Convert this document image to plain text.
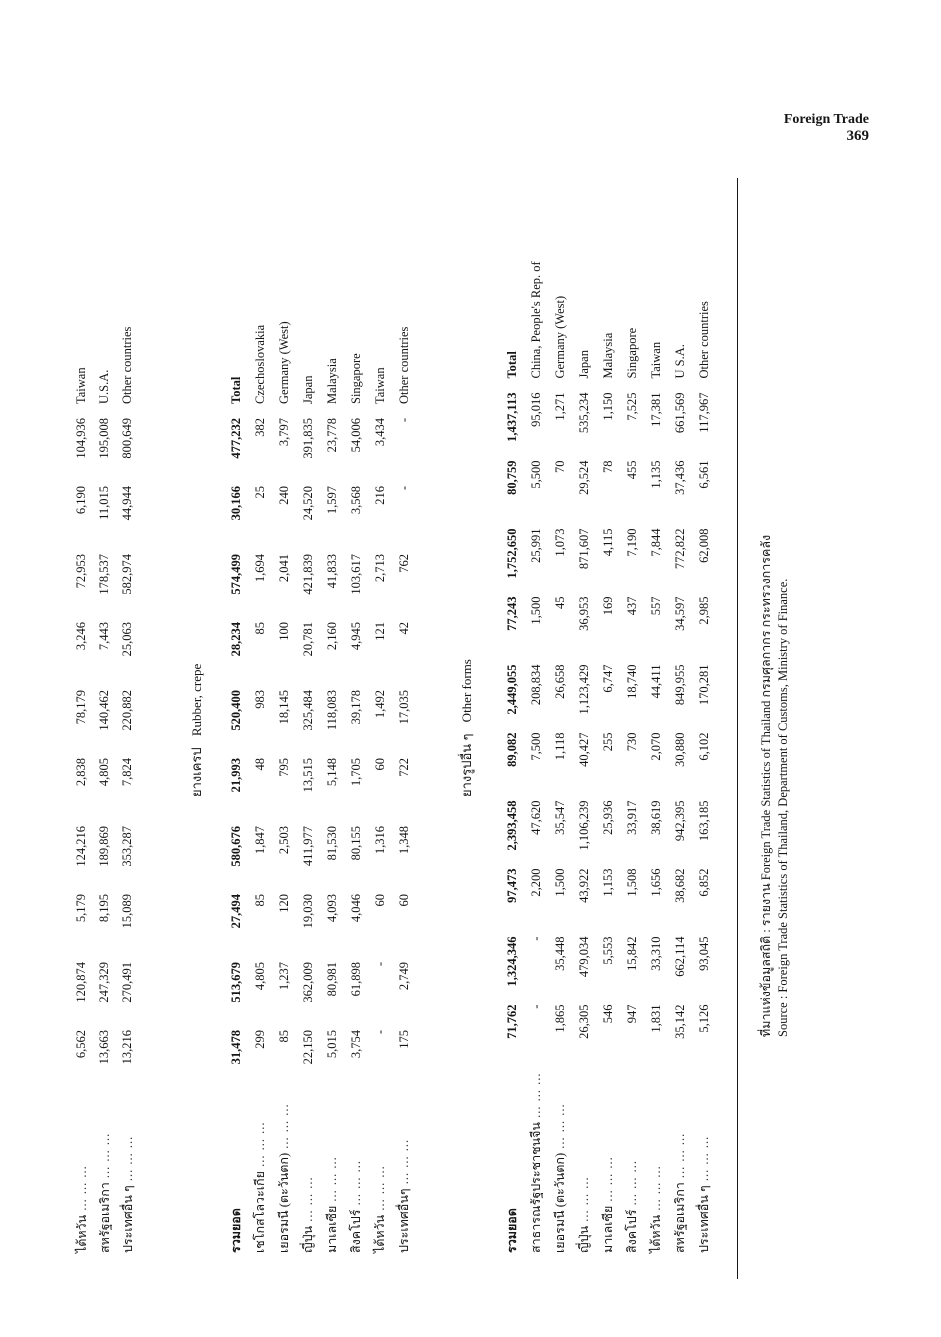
Foreign Trade
369
ไต้หวัน ... ... ...	6,562	120,874	5,179	124,216	2,838	78,179	3,246	72,953	6,190	104,936	Taiwan
สหรัฐอเมริกา ... ... ...	13,663	247,329	8,195	189,869	4,805	140,462	7,443	178,537	11,015	195,008	U.S.A.
ประเทศอื่น ๆ ... ... ...	13,216	270,491	15,089	353,287	7,824	220,882	25,063	582,974	44,944	800,649	Other countries
ยางเครป Rubber, crepe
รวมยอด	31,478	513,679	27,494	580,676	21,993	520,400	28,234	574,499	30,166	477,232	Total
เชโกสโลวะเกีย ... ... ...	299	4,805	85	1,847	48	983	85	1,694	25	382	Czechoslovakia
เยอรมนี (ตะวันตก) ... ... ...	85	1,237	120	2,503	795	18,145	100	2,041	240	3,797	Germany (West)
ญี่ปุ่น ... ... ...	22,150	362,009	19,030	411,977	13,515	325,484	20,781	421,839	24,520	391,835	Japan
มาเลเซีย ... ... ...	5,015	80,981	4,093	81,530	5,148	118,083	2,160	41,833	1,597	23,778	Malaysia
สิงคโปร์ ... ... ...	3,754	61,898	4,046	80,155	1,705	39,178	4,945	103,617	3,568	54,006	Singapore
ไต้หวัน ... ... ...	-	-	60	1,316	60	1,492	121	2,713	216	3,434	Taiwan
ประเทศอื่นๆ ... ... ...	175	2,749	60	1,348	722	17,035	42	762	-	-	Other countries
ยางรูปอื่น ๆ Other forms
รวมยอด	71,762	1,324,346	97,473	2,393,458	89,082	2,449,055	77,243	1,752,650	80,759	1,437,113	Total
สาธารณรัฐประชาชนจีน ... ... ...	-	-	2,200	47,620	7,500	208,834	1,500	25,991	5,500	95,016	China, People's Rep. of
เยอรมนี (ตะวันตก) ... ... ...	1,865	35,448	1,500	35,547	1,118	26,658	45	1,073	70	1,271	Germany (West)
ญี่ปุ่น ... ... ...	26,305	479,034	43,922	1,106,239	40,427	1,123,429	36,953	871,607	29,524	535,234	Japan
มาเลเซีย ... ... ...	546	5,553	1,153	25,936	255	6,747	169	4,115	78	1,150	Malaysia
สิงคโปร์ ... ... ...	947	15,842	1,508	33,917	730	18,740	437	7,190	455	7,525	Singapore
ไต้หวัน ... ... ...	1,831	33,310	1,656	38,619	2,070	44,411	557	7,844	1,135	17,381	Taiwan
สหรัฐอเมริกา ... ... ...	35,142	662,114	38,682	942,395	30,880	849,955	34,597	772,822	37,436	661,569	U S.A.
ประเทศอื่น ๆ ... ... ...	5,126	93,045	6,852	163,185	6,102	170,281	2,985	62,008	6,561	117,967	Other countries
ที่มาแห่งข้อมูลสถิติ : รายงาน Foreign Trade Statistics of Thailand กรมศุลกากร กระทรวงการคลัง Source : Foreign Trade Statistics of Thailand, Department of Customs, Ministry of Finance.
